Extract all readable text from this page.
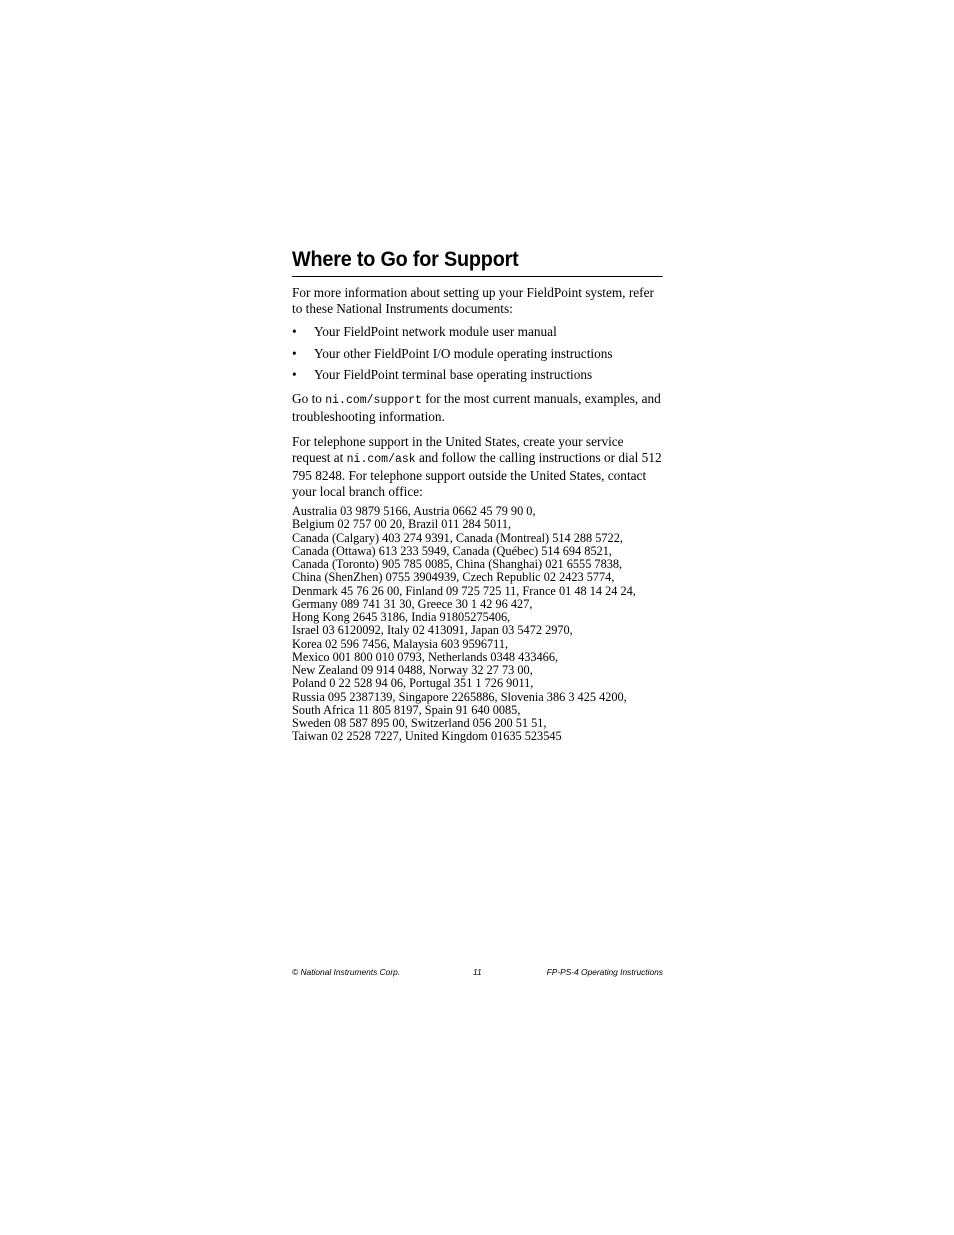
Where to Go for Support

For more information about setting up your FieldPoint system, refer to these National Instruments documents:

• Your FieldPoint network module user manual
• Your other FieldPoint I/O module operating instructions
• Your FieldPoint terminal base operating instructions

Go to ni.com/support for the most current manuals, examples, and troubleshooting information.

For telephone support in the United States, create your service request at ni.com/ask and follow the calling instructions or dial 512 795 8248. For telephone support outside the United States, contact your local branch office:

Australia 03 9879 5166, Austria 0662 45 79 90 0,
Belgium 02 757 00 20, Brazil 011 284 5011,
Canada (Calgary) 403 274 9391, Canada (Montreal) 514 288 5722,
Canada (Ottawa) 613 233 5949, Canada (Québec) 514 694 8521,
Canada (Toronto) 905 785 0085, China (Shanghai) 021 6555 7838,
China (ShenZhen) 0755 3904939, Czech Republic 02 2423 5774,
Denmark 45 76 26 00, Finland 09 725 725 11, France 01 48 14 24 24,
Germany 089 741 31 30, Greece 30 1 42 96 427,
Hong Kong 2645 3186, India 91805275406,
Israel 03 6120092, Italy 02 413091, Japan 03 5472 2970,
Korea 02 596 7456, Malaysia 603 9596711,
Mexico 001 800 010 0793, Netherlands 0348 433466,
New Zealand 09 914 0488, Norway 32 27 73 00,
Poland 0 22 528 94 06, Portugal 351 1 726 9011,
Russia 095 2387139, Singapore 2265886, Slovenia 386 3 425 4200,
South Africa 11 805 8197, Spain 91 640 0085,
Sweden 08 587 895 00, Switzerland 056 200 51 51,
Taiwan 02 2528 7227, United Kingdom 01635 523545
© National Instruments Corp.	11	FP-PS-4 Operating Instructions
